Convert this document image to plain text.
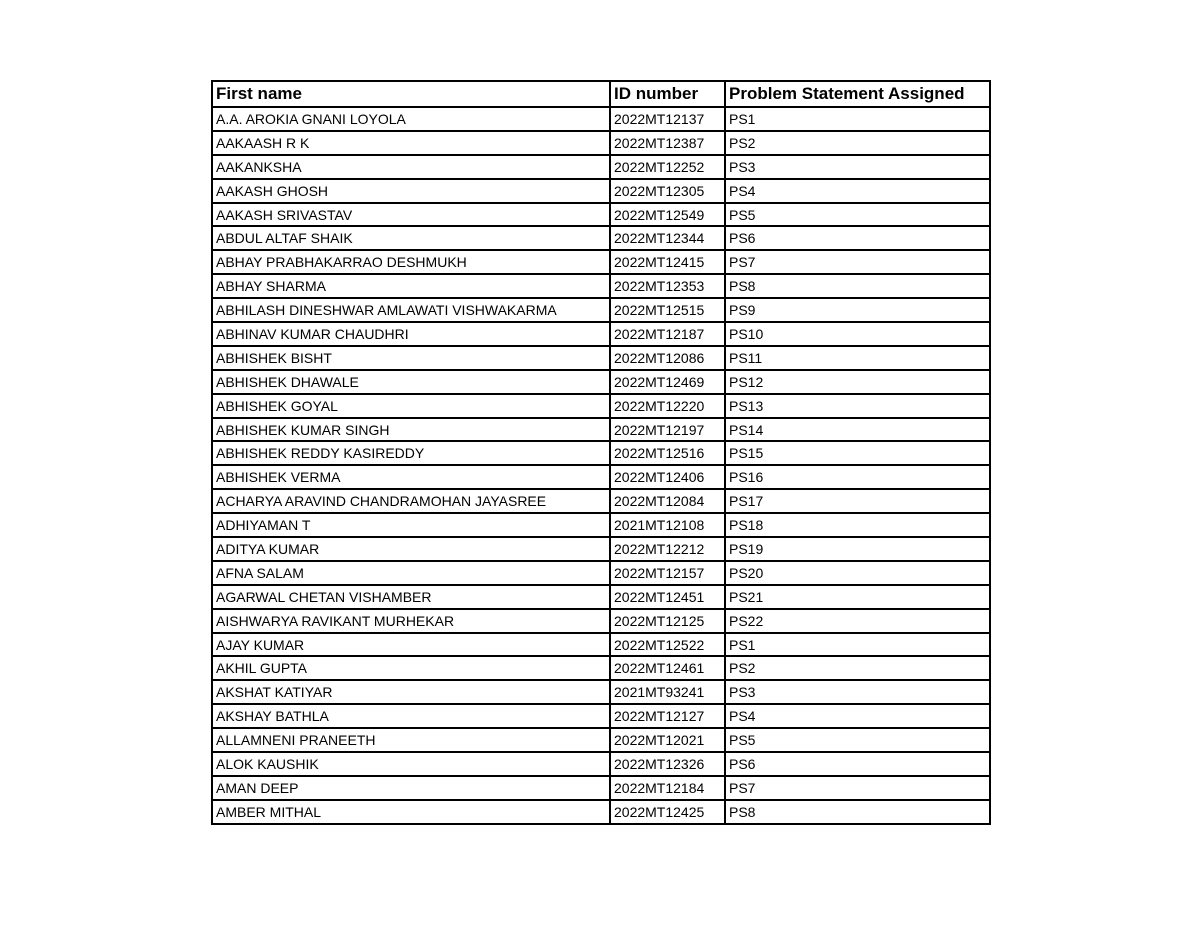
First name	ID number	Problem Statement Assigned
A.A. AROKIA GNANI LOYOLA	2022MT12137	PS1
AAKAASH R K	2022MT12387	PS2
AAKANKSHA	2022MT12252	PS3
AAKASH GHOSH	2022MT12305	PS4
AAKASH SRIVASTAV	2022MT12549	PS5
ABDUL ALTAF SHAIK	2022MT12344	PS6
ABHAY PRABHAKARRAO DESHMUKH	2022MT12415	PS7
ABHAY SHARMA	2022MT12353	PS8
ABHILASH DINESHWAR AMLAWATI VISHWAKARMA	2022MT12515	PS9
ABHINAV KUMAR CHAUDHRI	2022MT12187	PS10
ABHISHEK BISHT	2022MT12086	PS11
ABHISHEK DHAWALE	2022MT12469	PS12
ABHISHEK GOYAL	2022MT12220	PS13
ABHISHEK KUMAR SINGH	2022MT12197	PS14
ABHISHEK REDDY KASIREDDY	2022MT12516	PS15
ABHISHEK VERMA	2022MT12406	PS16
ACHARYA ARAVIND CHANDRAMOHAN JAYASREE	2022MT12084	PS17
ADHIYAMAN T	2021MT12108	PS18
ADITYA KUMAR	2022MT12212	PS19
AFNA SALAM	2022MT12157	PS20
AGARWAL CHETAN VISHAMBER	2022MT12451	PS21
AISHWARYA RAVIKANT MURHEKAR	2022MT12125	PS22
AJAY KUMAR	2022MT12522	PS1
AKHIL GUPTA	2022MT12461	PS2
AKSHAT KATIYAR	2021MT93241	PS3
AKSHAY BATHLA	2022MT12127	PS4
ALLAMNENI PRANEETH	2022MT12021	PS5
ALOK KAUSHIK	2022MT12326	PS6
AMAN DEEP	2022MT12184	PS7
AMBER MITHAL	2022MT12425	PS8
